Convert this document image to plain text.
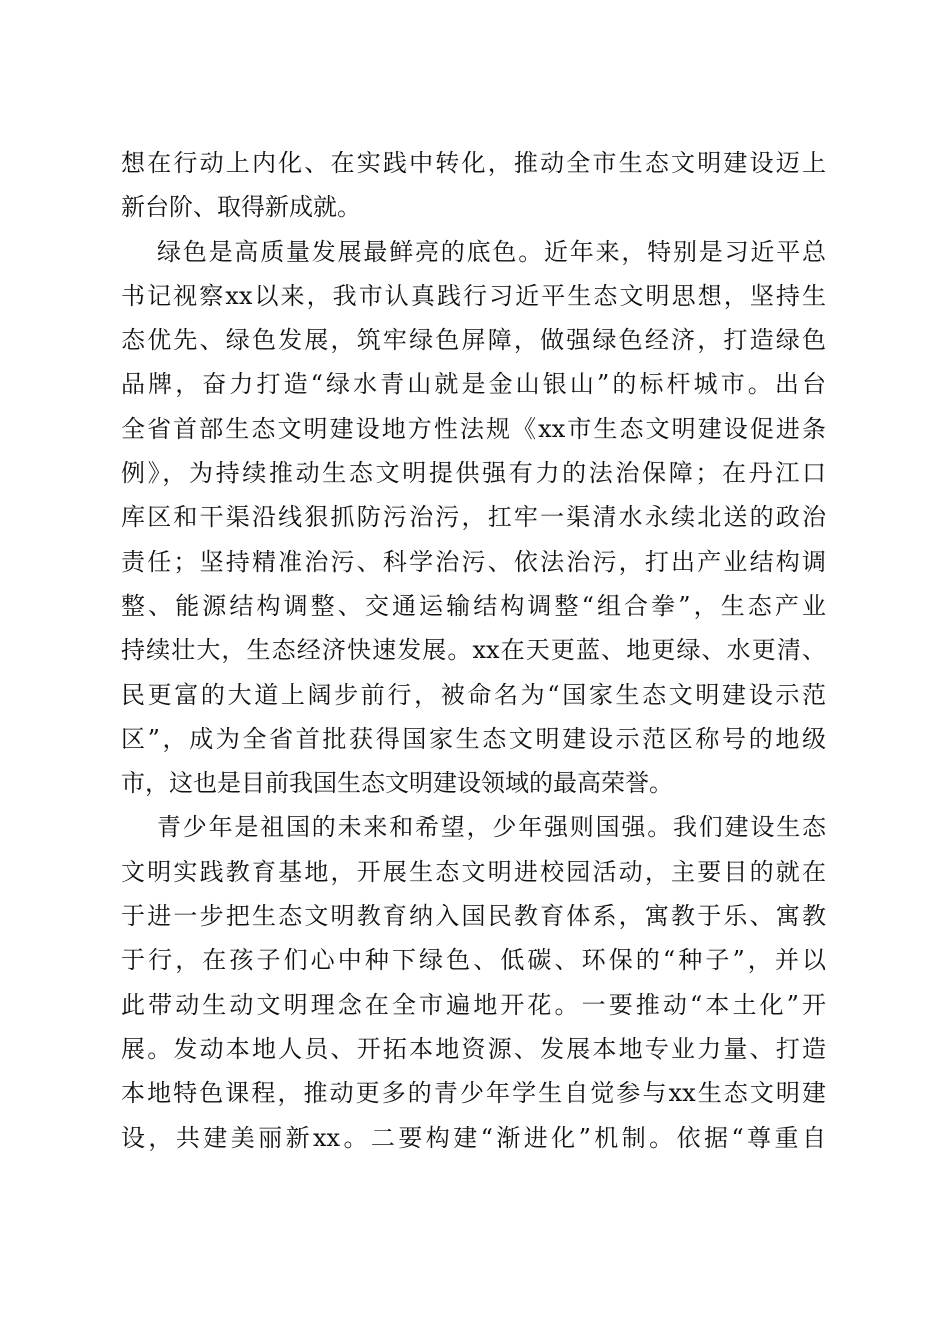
想在行动上内化、在实践中转化，推动全市生态文明建设迈上
新台阶、取得新成就。
绿色是高质量发展最鲜亮的底色。近年来，特别是习近平总
书记视察xx以来，我市认真践行习近平生态文明思想，坚持生
态优先、绿色发展，筑牢绿色屏障，做强绿色经济，打造绿色
品牌，奋力打造“绿水青山就是金山银山”的标杆城市。出台
全省首部生态文明建设地方性法规《xx市生态文明建设促进条
例》，为持续推动生态文明提供强有力的法治保障；在丹江口
库区和干渠沿线狠抓防污治污，扛牢一渠清水永续北送的政治
责任；坚持精准治污、科学治污、依法治污，打出产业结构调
整、能源结构调整、交通运输结构调整“组合拳”，生态产业
持续壮大，生态经济快速发展。xx在天更蓝、地更绿、水更清、
民更富的大道上阔步前行，被命名为“国家生态文明建设示范
区”，成为全省首批获得国家生态文明建设示范区称号的地级
市，这也是目前我国生态文明建设领域的最高荣誉。
青少年是祖国的未来和希望，少年强则国强。我们建设生态
文明实践教育基地，开展生态文明进校园活动，主要目的就在
于进一步把生态文明教育纳入国民教育体系，寓教于乐、寓教
于行，在孩子们心中种下绿色、低碳、环保的“种子”，并以
此带动生动文明理念在全市遍地开花。一要推动“本土化”开
展。发动本地人员、开拓本地资源、发展本地专业力量、打造
本地特色课程，推动更多的青少年学生自觉参与xx生态文明建
设，共建美丽新xx。二要构建“渐进化”机制。依据“尊重自
